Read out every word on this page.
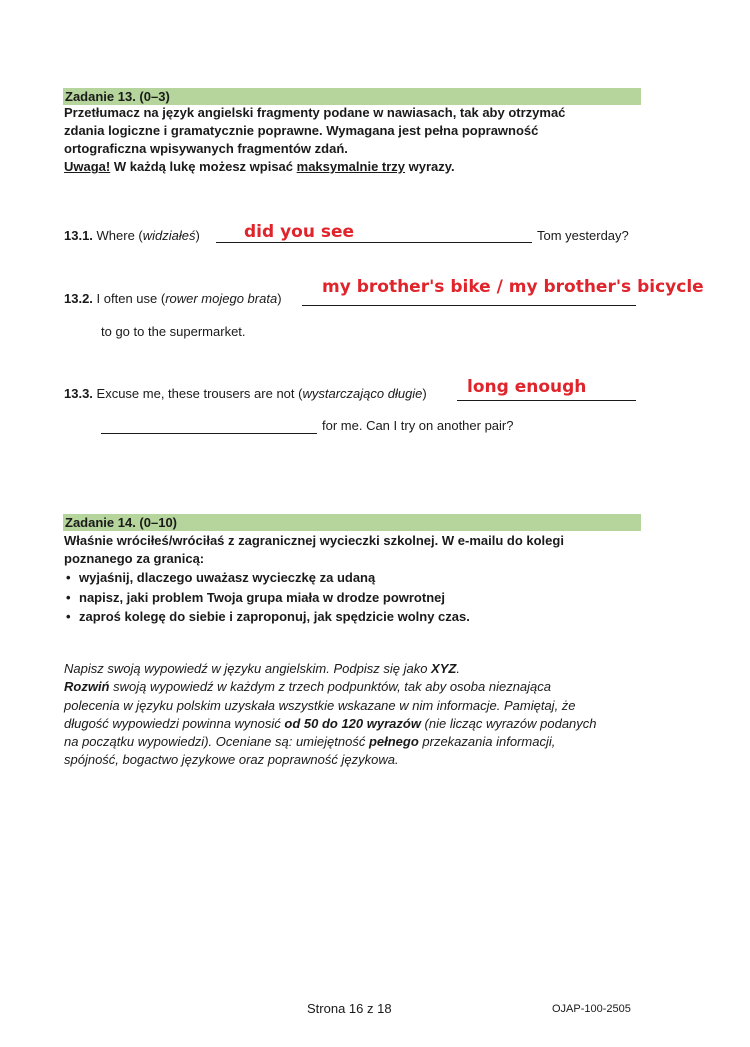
Zadanie 13. (0–3)
Przetłumacz na język angielski fragmenty podane w nawiasach, tak aby otrzymać
zdania logiczne i gramatycznie poprawne. Wymagana jest pełna poprawność
ortograficzna wpisywanych fragmentów zdań.
Uwaga! W każdą lukę możesz wpisać maksymalnie trzy wyrazy.
13.1. Where (widziałeś)	did you see	Tom yesterday?
13.2. I often use (rower mojego brata)
my brother's bike / my brother's bicycle
to go to the supermarket.
13.3. Excuse me, these trousers are not (wystarczająco długie) long enough
for me. Can I try on another pair?
Zadanie 14. (0–10)
Właśnie wróciłeś/wróciłaś z zagranicznej wycieczki szkolnej. W e-mailu do kolegi
poznanego za granicą:
• wyjaśnij, dlaczego uważasz wycieczkę za udaną
• napisz, jaki problem Twoja grupa miała w drodze powrotnej
• zaproś kolegę do siebie i zaproponuj, jak spędzicie wolny czas.
Napisz swoją wypowiedź w języku angielskim. Podpisz się jako XYZ.
Rozwiń swoją wypowiedź w każdym z trzech podpunktów, tak aby osoba nieznająca
polecenia w języku polskim uzyskała wszystkie wskazane w nim informacje. Pamiętaj, że
długość wypowiedzi powinna wynosić od 50 do 120 wyrazów (nie licząc wyrazów podanych
na początku wypowiedzi). Oceniane są: umiejętność pełnego przekazania informacji,
spójność, bogactwo językowe oraz poprawność językowa.
Strona 16 z 18	OJAP-100-2505
